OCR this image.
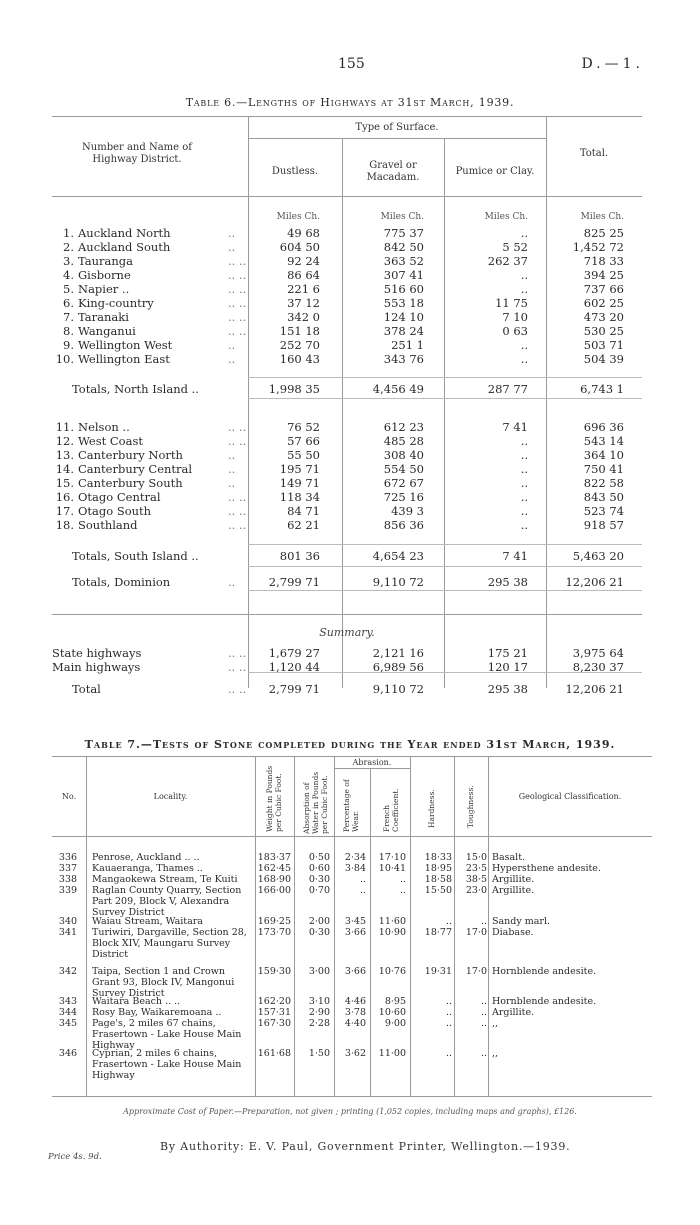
155	D.—1.
Table 6.—Lengths of Highways at 31st March, 1939.
Number and Name of Highway District.
Type of Surface.
Dustless.
Gravel or Macadam.
Pumice or Clay.
Total.
Miles Ch.	Miles Ch.	Miles Ch.	Miles Ch.
Summary.
1. Auckland North	..	49 68	775 37	..	825 25
2. Auckland South	..	604 50	842 50	5 52	1,452 72
3. Tauranga	.. ..	92 24	363 52	262 37	718 33
4. Gisborne	.. ..	86 64	307 41	..	394 25
5. Napier ..	.. ..	221 6	516 60	..	737 66
6. King-country	.. ..	37 12	553 18	11 75	602 25
7. Taranaki	.. ..	342 0	124 10	7 10	473 20
8. Wanganui	.. ..	151 18	378 24	0 63	530 25
9. Wellington West	..	252 70	251 1	..	503 71
10. Wellington East	..	160 43	343 76	..	504 39
Totals, North Island ..	1,998 35	4,456 49	287 77	6,743 1
11. Nelson ..	.. ..	76 52	612 23	7 41	696 36
12. West Coast	.. ..	57 66	485 28	..	543 14
13. Canterbury North	..	55 50	308 40	..	364 10
14. Canterbury Central	..	195 71	554 50	..	750 41
15. Canterbury South	..	149 71	672 67	..	822 58
16. Otago Central	.. ..	118 34	725 16	..	843 50
17. Otago South	.. ..	84 71	439 3	..	523 74
18. Southland	.. ..	62 21	856 36	..	918 57
Totals, South Island ..	801 36	4,654 23	7 41	5,463 20
Totals, Dominion	..	2,799 71	9,110 72	295 38	12,206 21
State highways	.. ..	1,679 27	2,121 16	175 21	3,975 64
Main highways	.. ..	1,120 44	6,989 56	120 17	8,230 37
Total	.. ..	2,799 71	9,110 72	295 38	12,206 21
Table 7.—Tests of Stone completed during the Year ended 31st March, 1939.
No.	Locality.	Weight in Pounds per Cubic Foot.	Absorption of Water in Pounds per Cubic Foot.
Abrasion.
Percentage of Wear.	French Coefficient.	Hardness.	Toughness.	Geological Classification.
336	Penrose, Auckland .. ..	183·37	0·50	2·34	17·10	18·33	15·0 Basalt.
337	Kauaeranga, Thames ..	162·45	0·60	3·84	10·41	18·95	23·5 Hypersthene andesite.
338	Mangaokewa Stream, Te Kuiti	168·90	0·30	..	..	18·58	38·5 Argillite.
339	Raglan County Quarry, Section Part 209, Block V, Alexandra Survey District
166·00	0·70	..	..	15·50	23·0 Argillite.
340	Waiau Stream, Waitara	169·25	2·00	3·45	11·60	..	.. Sandy marl.
341	Turiwiri, Dargaville, Section 28, Block XIV, Maungaru Survey District
173·70	0·30	3·66	10·90	18·77	17·0 Diabase.
342	Taipa, Section 1 and Crown Grant 93, Block IV, Mangonui Survey District
159·30	3·00	3·66	10·76	19·31	17·0 Hornblende andesite.
343	Waitara Beach .. ..	162·20	3·10	4·46	8·95	..	.. Hornblende andesite.
344	Rosy Bay, Waikaremoana ..	157·31	2·90	3·78	10·60	..	.. Argillite.
345	Page's, 2 miles 67 chains, Frasertown - Lake House Main Highway
167·30	2·28	4·40	9·00	..	.. ,,
346	Cyprian, 2 miles 6 chains, Frasertown - Lake House Main Highway
161·68	1·50	3·62	11·00	..	.. ,,
Approximate Cost of Paper.—Preparation, not given ; printing (1,052 copies, including maps and graphs), £126.
By Authority: E. V. Paul, Government Printer, Wellington.—1939.
Price 4s. 9d.
